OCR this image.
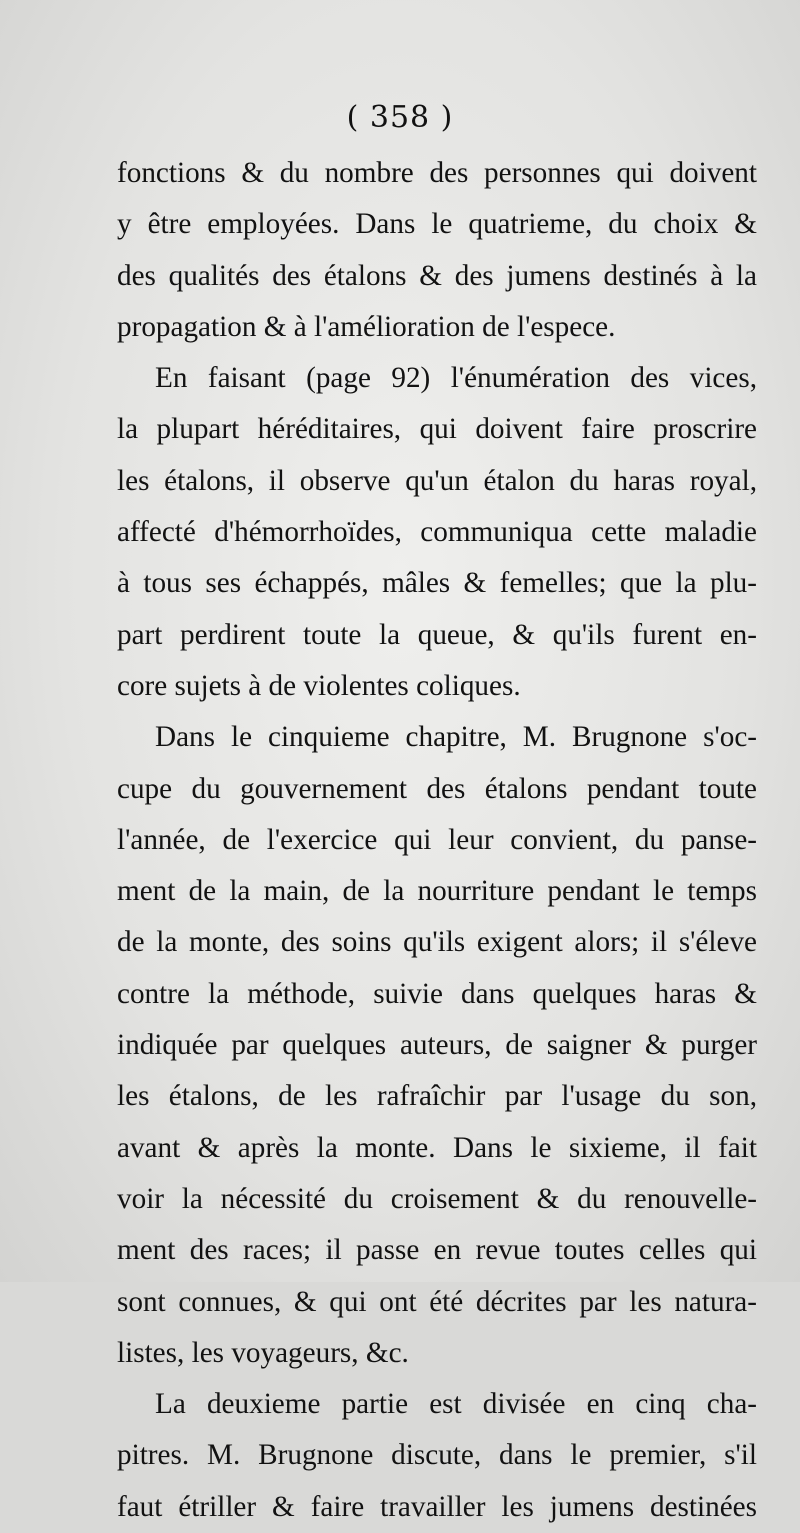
( 358 )
fonctions & du nombre des personnes qui doivent
y être employées. Dans le quatrieme, du choix &
des qualités des étalons & des jumens destinés à la
propagation & à l'amélioration de l'espece.
En faisant (page 92) l'énumération des vices,
la plupart héréditaires, qui doivent faire proscrire
les étalons, il observe qu'un étalon du haras royal,
affecté d'hémorrhoïdes, communiqua cette maladie
à tous ses échappés, mâles & femelles; que la plu-
part perdirent toute la queue, & qu'ils furent en-
core sujets à de violentes coliques.
Dans le cinquieme chapitre, M. Brugnone s'oc-
cupe du gouvernement des étalons pendant toute
l'année, de l'exercice qui leur convient, du panse-
ment de la main, de la nourriture pendant le temps
de la monte, des soins qu'ils exigent alors; il s'éleve
contre la méthode, suivie dans quelques haras &
indiquée par quelques auteurs, de saigner & purger
les étalons, de les rafraîchir par l'usage du son,
avant & après la monte. Dans le sixieme, il fait
voir la nécessité du croisement & du renouvelle-
ment des races; il passe en revue toutes celles qui
sont connues, & qui ont été décrites par les natura-
listes, les voyageurs, &c.
La deuxieme partie est divisée en cinq cha-
pitres. M. Brugnone discute, dans le premier, s'il
faut étriller & faire travailler les jumens destinées
